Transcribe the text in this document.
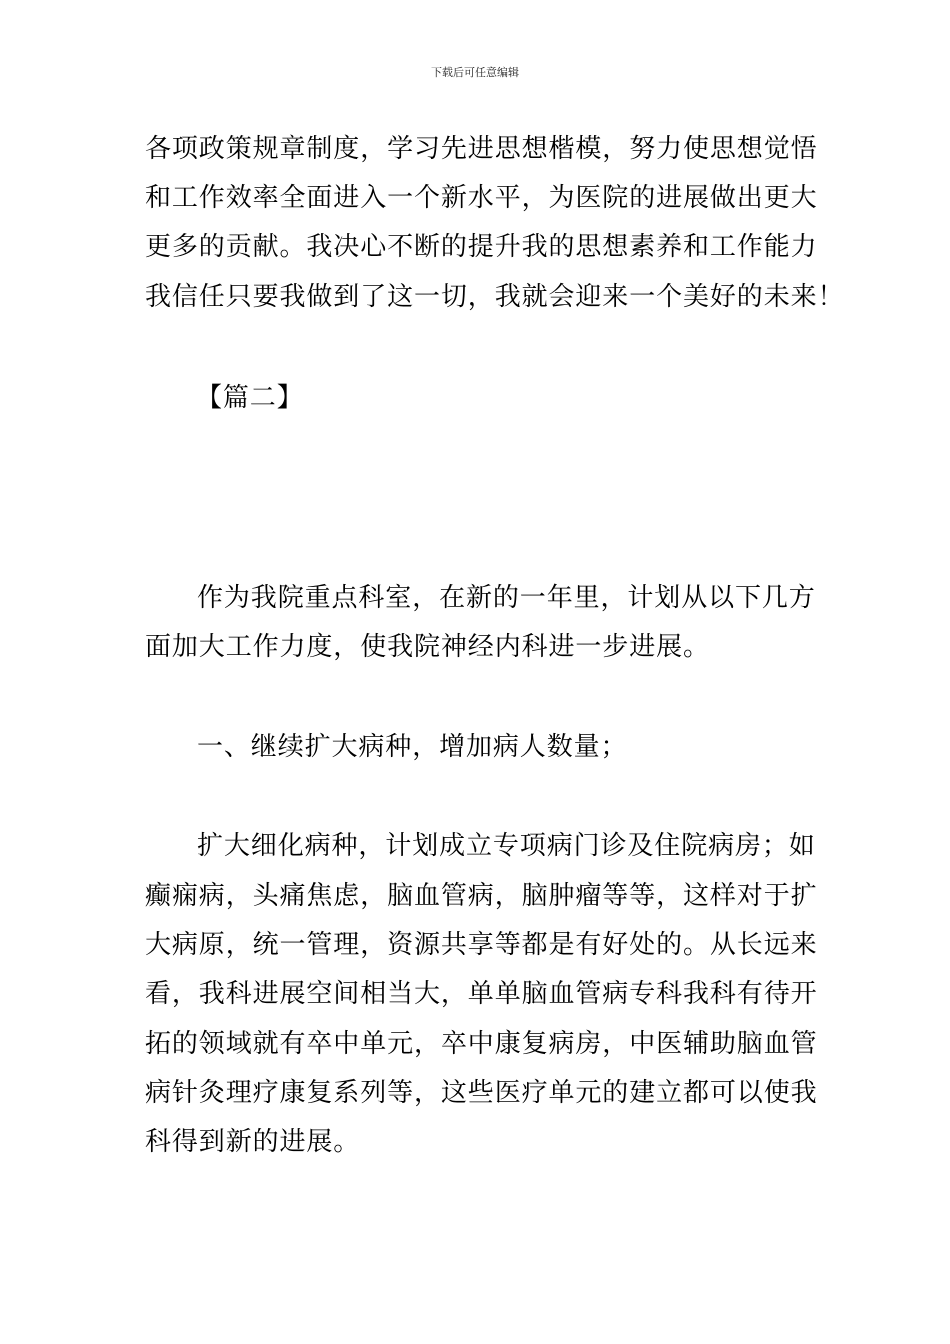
下载后可任意编辑
各项政策规章制度，学习先进思想楷模，努力使思想觉悟
和工作效率全面进入一个新水平，为医院的进展做出更大
更多的贡献。我决心不断的提升我的思想素养和工作能力
我信任只要我做到了这一切，我就会迎来一个美好的未来！
【篇二】
作为我院重点科室，在新的一年里，计划从以下几方
面加大工作力度，使我院神经内科进一步进展。
一、继续扩大病种，增加病人数量；
扩大细化病种，计划成立专项病门诊及住院病房；如
癫痫病，头痛焦虑，脑血管病，脑肿瘤等等，这样对于扩
大病原，统一管理，资源共享等都是有好处的。从长远来
看，我科进展空间相当大，单单脑血管病专科我科有待开
拓的领域就有卒中单元，卒中康复病房，中医辅助脑血管
病针灸理疗康复系列等，这些医疗单元的建立都可以使我
科得到新的进展。
